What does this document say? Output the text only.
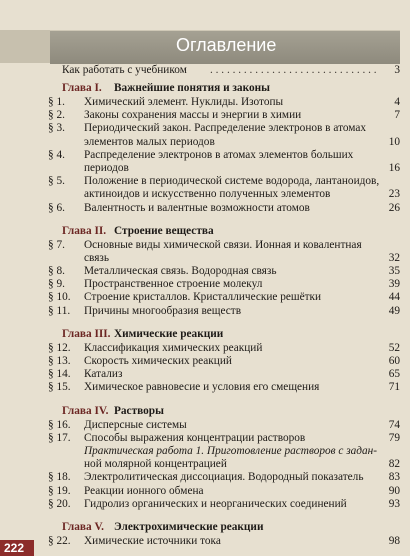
Оглавление
Как работать с учебником . . . . . . . . . . . . . . . . . . . . . . . . . . . . . . 3
Глава I. Важнейшие понятия и законы
§ 1. Химический элемент. Нуклиды. Изотопы	4
§ 2. Законы сохранения массы и энергии в химии	7
§ 3. Периодический закон. Распределение электронов в атомах
элементов малых периодов	10
§ 4. Распределение электронов в атомах элементов больших
периодов	16
§ 5. Положение в периодической системе водорода, лантаноидов,
актиноидов и искусственно полученных элементов	23
§ 6. Валентность и валентные возможности атомов	26
Глава II. Строение вещества
§ 7. Основные виды химической связи. Ионная и ковалентная
связь	32
§ 8. Металлическая связь. Водородная связь	35
§ 9. Пространственное строение молекул	39
§ 10. Строение кристаллов. Кристаллические решётки	44
§ 11. Причины многообразия веществ	49
Глава III. Химические реакции
§ 12. Классификация химических реакций	52
§ 13. Скорость химических реакций	60
§ 14. Катализ	65
§ 15. Химическое равновесие и условия его смещения	71
Глава IV. Растворы
§ 16. Дисперсные системы	74
§ 17. Способы выражения концентрации растворов	79
Практическая работа 1. Приготовление растворов с задан-
ной молярной концентрацией	82
§ 18. Электролитическая диссоциация. Водородный показатель 83
§ 19. Реакции ионного обмена	90
§ 20. Гидролиз органических и неорганических соединений	93
Глава V. Электрохимические реакции
§ 22. Химические источники тока	98
222
